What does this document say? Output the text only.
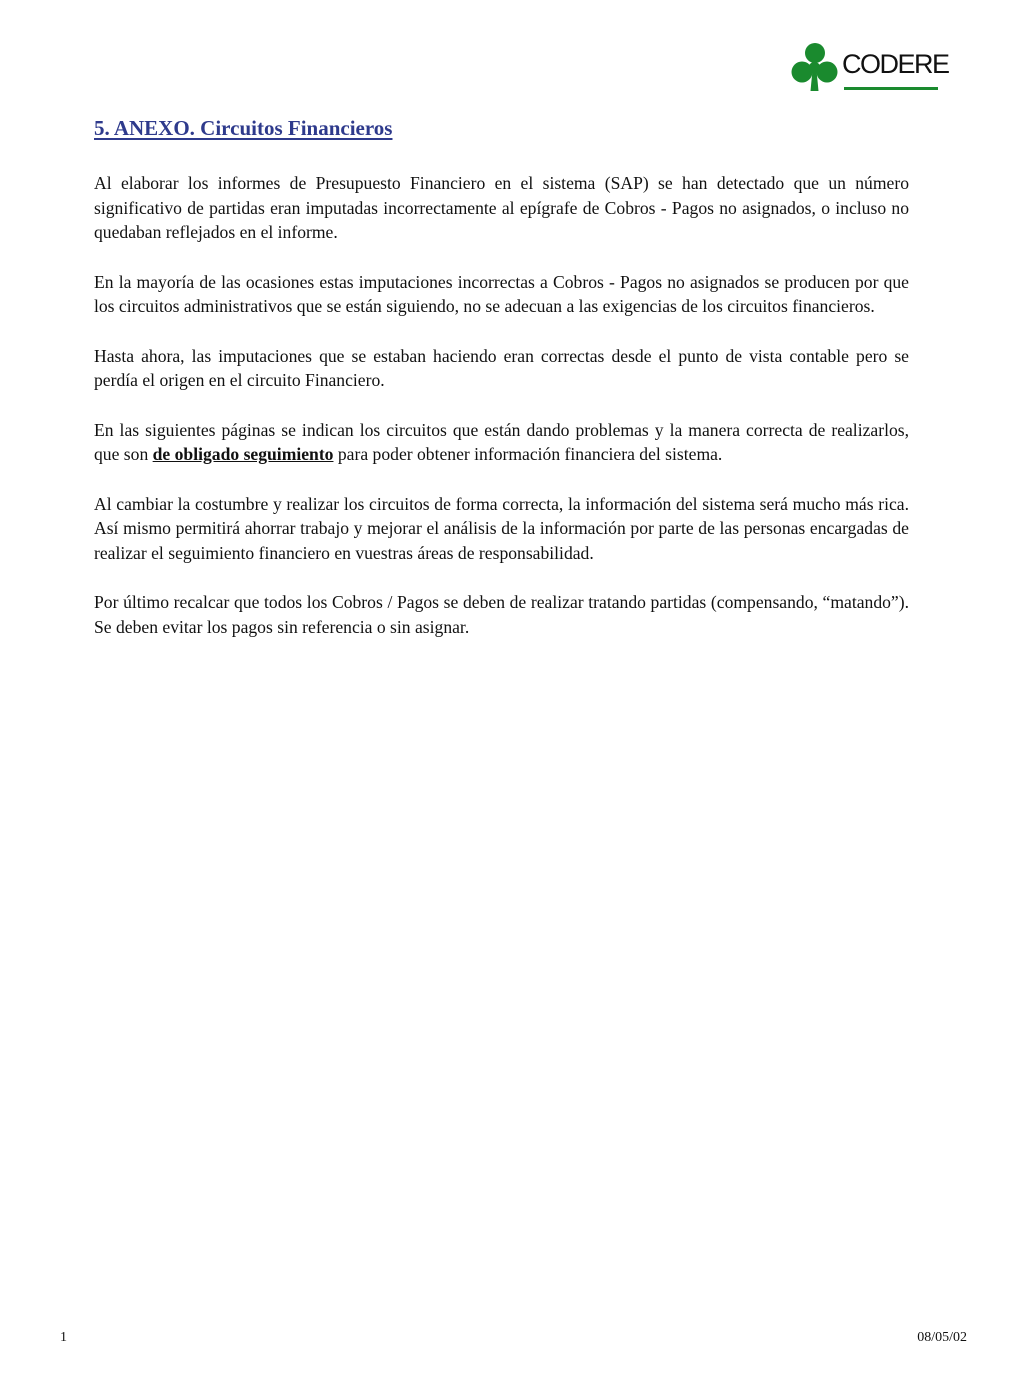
CODERE
5. ANEXO. Circuitos Financieros

Al elaborar los informes de Presupuesto Financiero en el sistema (SAP) se han detectado que un número significativo de partidas eran imputadas incorrectamente al epígrafe de Cobros - Pagos no asignados, o incluso no quedaban reflejados en el informe.

En la mayoría de las ocasiones estas imputaciones incorrectas a Cobros - Pagos no asignados se producen por que los circuitos administrativos que se están siguiendo, no se adecuan a las exigencias de los circuitos financieros.

Hasta ahora, las imputaciones que se estaban haciendo eran correctas desde el punto de vista contable pero se perdía el origen en el circuito Financiero.

En las siguientes páginas se indican los circuitos que están dando problemas y la manera correcta de realizarlos, que son de obligado seguimiento para poder obtener información financiera del sistema.

Al cambiar la costumbre y realizar los circuitos de forma correcta, la información del sistema será mucho más rica. Así mismo permitirá ahorrar trabajo y mejorar el análisis de la información por parte de las personas encargadas de realizar el seguimiento financiero en vuestras áreas de responsabilidad.

Por último recalcar que todos los Cobros / Pagos se deben de realizar tratando partidas (compensando, “matando”). Se deben evitar los pagos sin referencia o sin asignar.

1	08/05/02
